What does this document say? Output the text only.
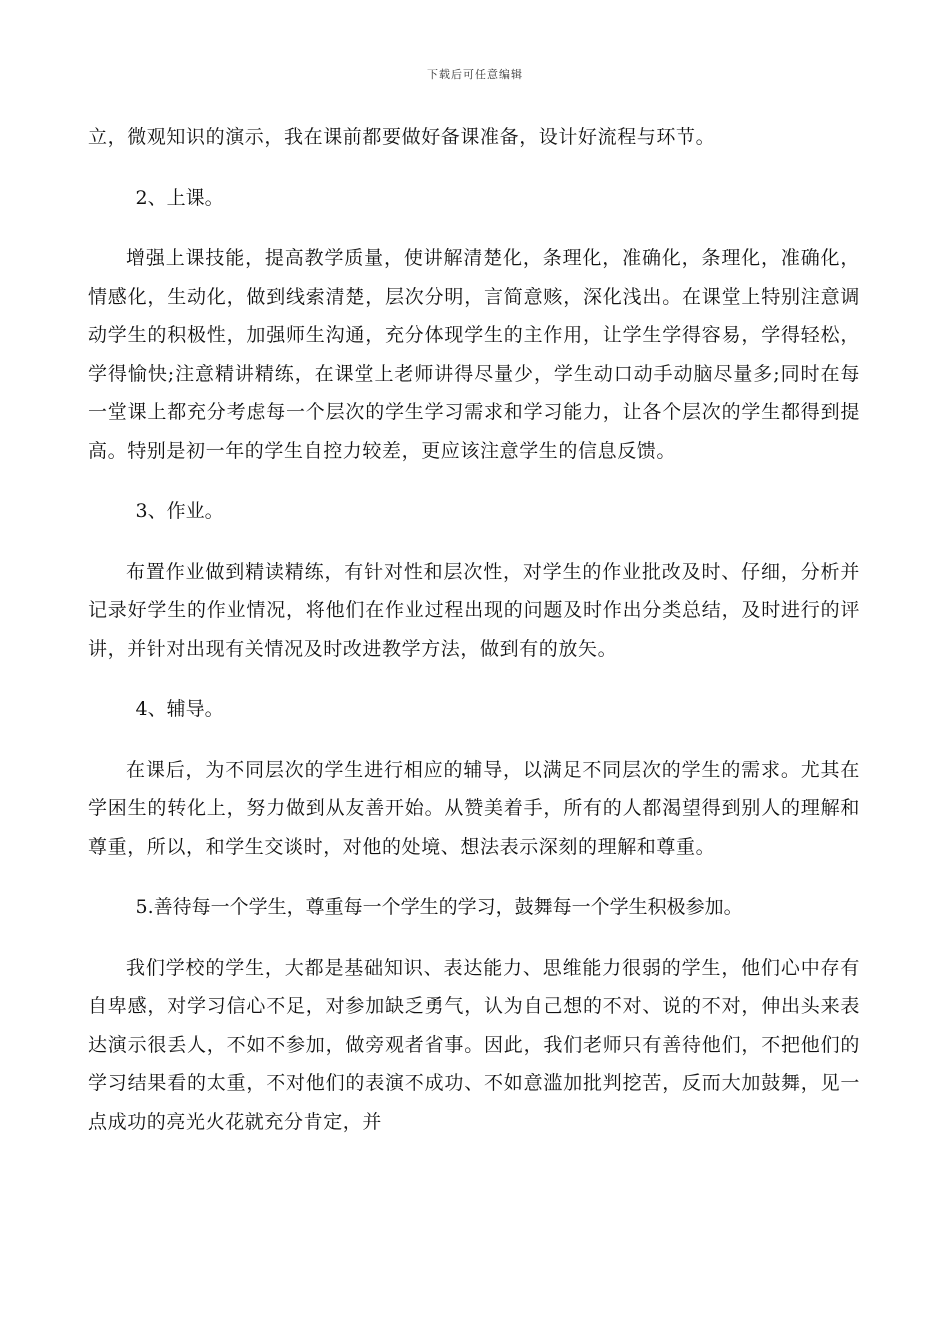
下载后可任意编辑

立，微观知识的演示，我在课前都要做好备课准备，设计好流程与环节。

2、上课。

增强上课技能，提高教学质量，使讲解清楚化，条理化，准确化，条理化，准确化，情感化，生动化，做到线索清楚，层次分明，言简意赅，深化浅出。在课堂上特别注意调动学生的积极性，加强师生沟通，充分体现学生的主作用，让学生学得容易，学得轻松，学得愉快;注意精讲精练，在课堂上老师讲得尽量少，学生动口动手动脑尽量多;同时在每一堂课上都充分考虑每一个层次的学生学习需求和学习能力，让各个层次的学生都得到提高。特别是初一年的学生自控力较差，更应该注意学生的信息反馈。

3、作业。

布置作业做到精读精练，有针对性和层次性，对学生的作业批改及时、仔细，分析并记录好学生的作业情况，将他们在作业过程出现的问题及时作出分类总结，及时进行的评讲，并针对出现有关情况及时改进教学方法，做到有的放矢。

4、辅导。

在课后，为不同层次的学生进行相应的辅导，以满足不同层次的学生的需求。尤其在学困生的转化上，努力做到从友善开始。从赞美着手，所有的人都渴望得到别人的理解和尊重，所以，和学生交谈时，对他的处境、想法表示深刻的理解和尊重。

5.善待每一个学生，尊重每一个学生的学习，鼓舞每一个学生积极参加。

我们学校的学生，大都是基础知识、表达能力、思维能力很弱的学生，他们心中存有自卑感，对学习信心不足，对参加缺乏勇气，认为自己想的不对、说的不对，伸出头来表达演示很丢人，不如不参加，做旁观者省事。因此，我们老师只有善待他们，不把他们的学习结果看的太重，不对他们的表演不成功、不如意滥加批判挖苦，反而大加鼓舞，见一点成功的亮光火花就充分肯定，并
